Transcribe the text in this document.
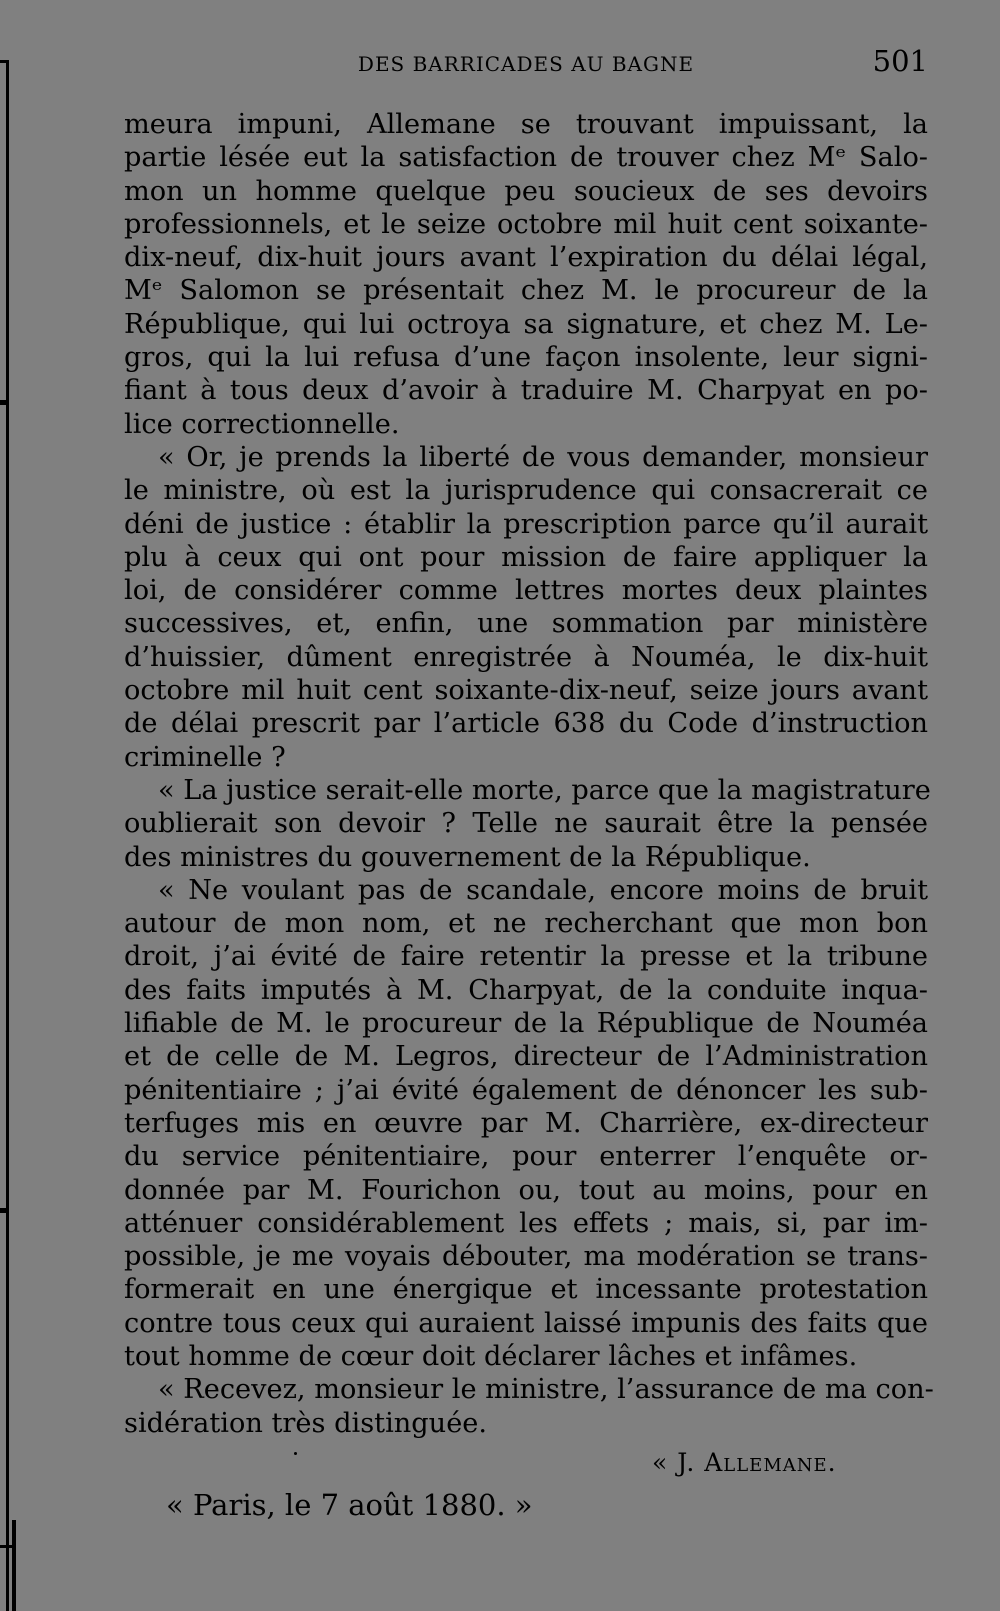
DES BARRICADES AU BAGNE	501
meura impuni, Allemane se trouvant impuissant, la
partie lésée eut la satisfaction de trouver chez Mᵉ Salo-
mon un homme quelque peu soucieux de ses devoirs
professionnels, et le seize octobre mil huit cent soixante-
dix-neuf, dix-huit jours avant l’expiration du délai légal,
Mᵉ Salomon se présentait chez M. le procureur de la
République, qui lui octroya sa signature, et chez M. Le-
gros, qui la lui refusa d’une façon insolente, leur signi-
fiant à tous deux d’avoir à traduire M. Charpyat en po-
lice correctionnelle.
« Or, je prends la liberté de vous demander, monsieur
le ministre, où est la jurisprudence qui consacrerait ce
déni de justice : établir la prescription parce qu’il aurait
plu à ceux qui ont pour mission de faire appliquer la
loi, de considérer comme lettres mortes deux plaintes
successives, et, enfin, une sommation par ministère
d’huissier, dûment enregistrée à Nouméa, le dix-huit
octobre mil huit cent soixante-dix-neuf, seize jours avant
de délai prescrit par l’article 638 du Code d’instruction
criminelle ?
« La justice serait-elle morte, parce que la magistrature
oublierait son devoir ? Telle ne saurait être la pensée
des ministres du gouvernement de la République.
« Ne voulant pas de scandale, encore moins de bruit
autour de mon nom, et ne recherchant que mon bon
droit, j’ai évité de faire retentir la presse et la tribune
des faits imputés à M. Charpyat, de la conduite inqua-
lifiable de M. le procureur de la République de Nouméa
et de celle de M. Legros, directeur de l’Administration
pénitentiaire ; j’ai évité également de dénoncer les sub-
terfuges mis en œuvre par M. Charrière, ex-directeur
du service pénitentiaire, pour enterrer l’enquête or-
donnée par M. Fourichon ou, tout au moins, pour en
atténuer considérablement les effets ; mais, si, par im-
possible, je me voyais débouter, ma modération se trans-
formerait en une énergique et incessante protestation
contre tous ceux qui auraient laissé impunis des faits que
tout homme de cœur doit déclarer lâches et infâmes.
« Recevez, monsieur le ministre, l’assurance de ma con-
sidération très distinguée.
« J. Allemane.
« Paris, le 7 août 1880. »
